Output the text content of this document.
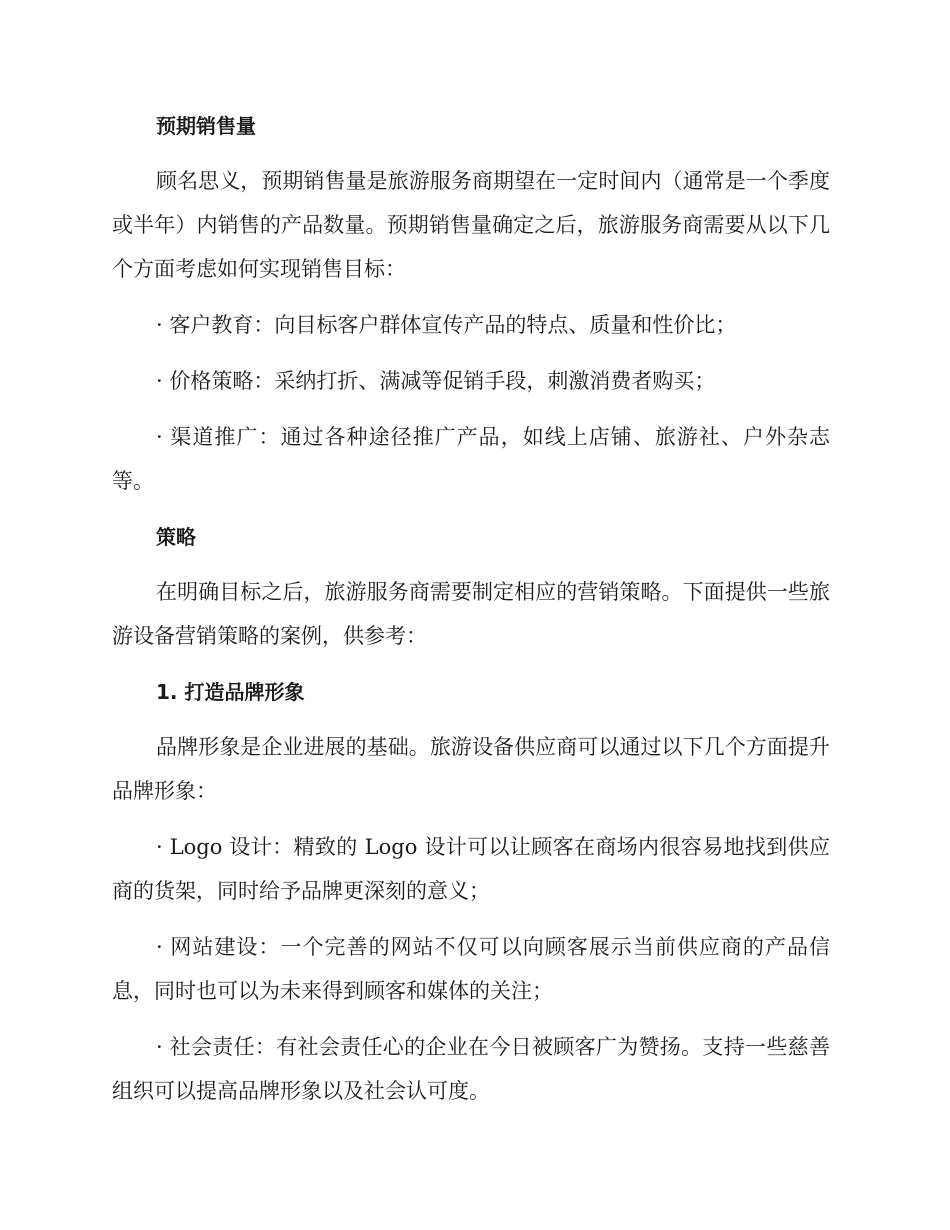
预期销售量

顾名思义，预期销售量是旅游服务商期望在一定时间内（通常是一个季度或半年）内销售的产品数量。预期销售量确定之后，旅游服务商需要从以下几个方面考虑如何实现销售目标：

· 客户教育：向目标客户群体宣传产品的特点、质量和性价比；

· 价格策略：采纳打折、满减等促销手段，刺激消费者购买；

· 渠道推广：通过各种途径推广产品，如线上店铺、旅游社、户外杂志等。

策略

在明确目标之后，旅游服务商需要制定相应的营销策略。下面提供一些旅游设备营销策略的案例，供参考：

1. 打造品牌形象

品牌形象是企业进展的基础。旅游设备供应商可以通过以下几个方面提升品牌形象：

· Logo 设计：精致的 Logo 设计可以让顾客在商场内很容易地找到供应商的货架，同时给予品牌更深刻的意义；

· 网站建设：一个完善的网站不仅可以向顾客展示当前供应商的产品信息，同时也可以为未来得到顾客和媒体的关注；

· 社会责任：有社会责任心的企业在今日被顾客广为赞扬。支持一些慈善组织可以提高品牌形象以及社会认可度。
